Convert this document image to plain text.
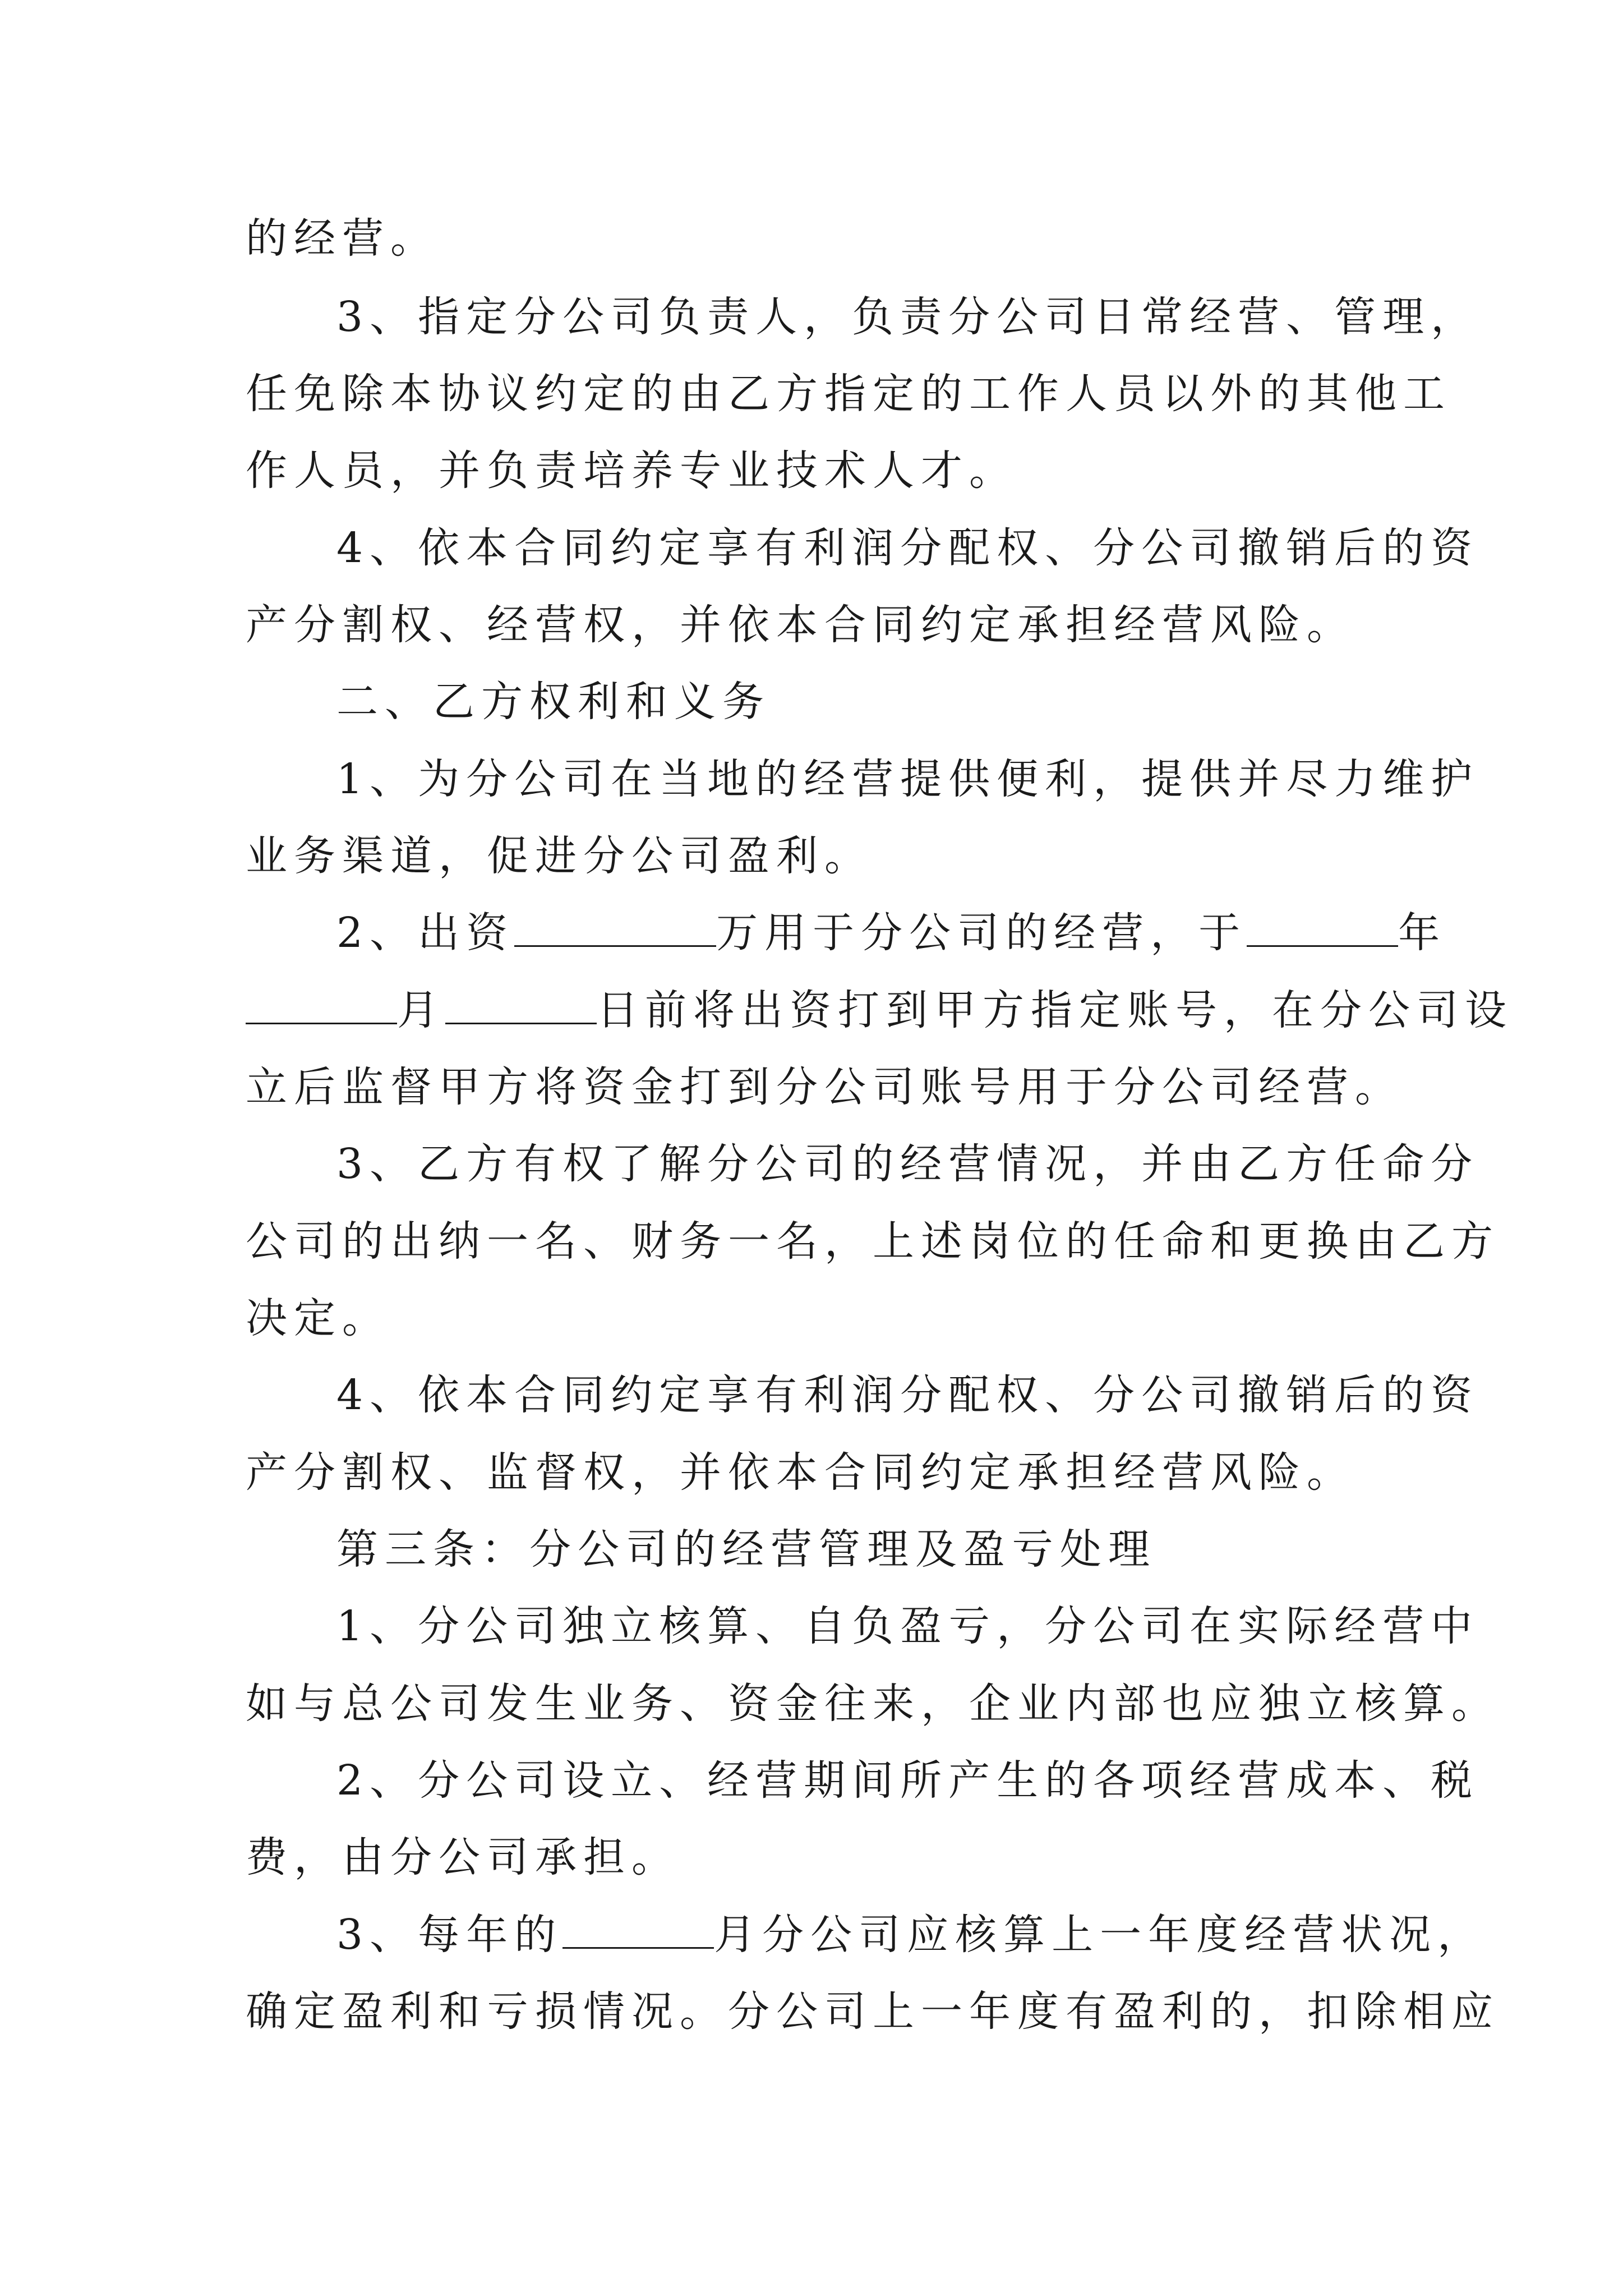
的经营。
3、指定分公司负责人，负责分公司日常经营、管理，
任免除本协议约定的由乙方指定的工作人员以外的其他工
作人员，并负责培养专业技术人才。
4、依本合同约定享有利润分配权、分公司撤销后的资
产分割权、经营权，并依本合同约定承担经营风险。
二、乙方权利和义务
1、为分公司在当地的经营提供便利，提供并尽力维护
业务渠道，促进分公司盈利。
2、出资	万用于分公司的经营，于	年
月	日前将出资打到甲方指定账号，在分公司设
立后监督甲方将资金打到分公司账号用于分公司经营。
3、乙方有权了解分公司的经营情况，并由乙方任命分
公司的出纳一名、财务一名，上述岗位的任命和更换由乙方
决定。
4、依本合同约定享有利润分配权、分公司撤销后的资
产分割权、监督权，并依本合同约定承担经营风险。
第三条：分公司的经营管理及盈亏处理
1、分公司独立核算、自负盈亏，分公司在实际经营中
如与总公司发生业务、资金往来，企业内部也应独立核算。
2、分公司设立、经营期间所产生的各项经营成本、税
费，由分公司承担。
3、每年的	月分公司应核算上一年度经营状况，
确定盈利和亏损情况。分公司上一年度有盈利的，扣除相应
